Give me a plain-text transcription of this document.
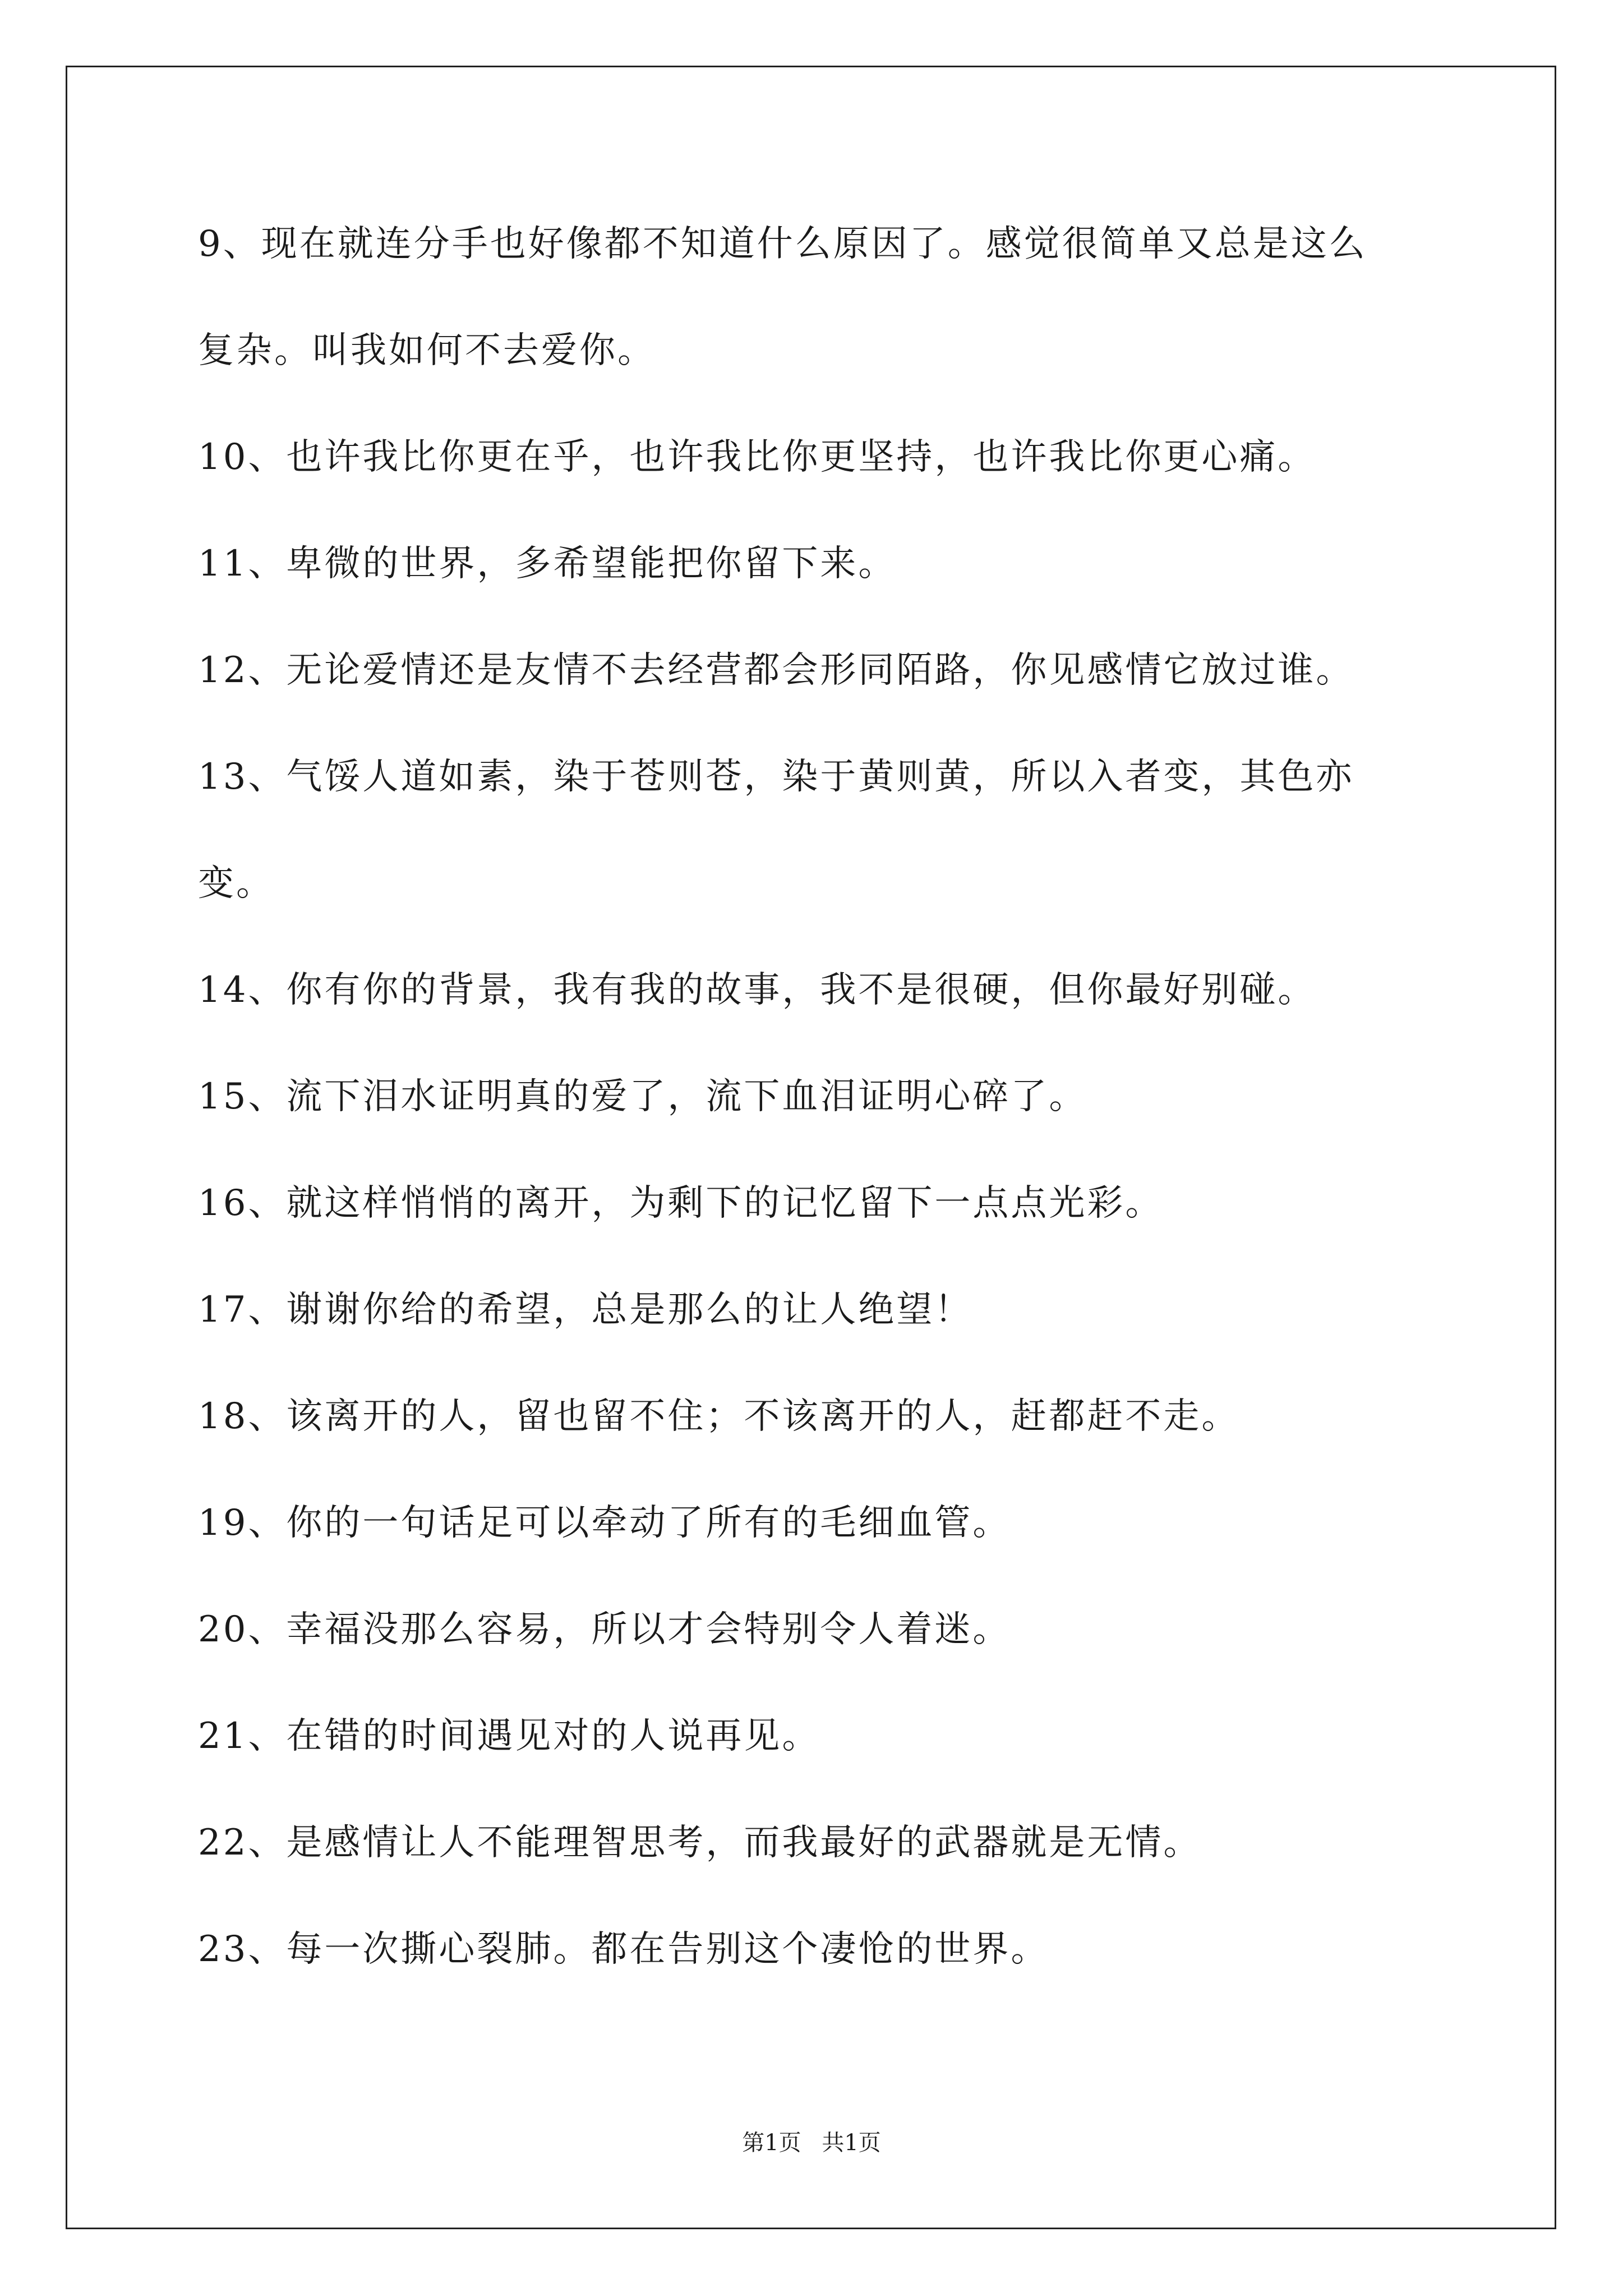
9、现在就连分手也好像都不知道什么原因了。感觉很简单又总是这么
复杂。叫我如何不去爱你。
10、也许我比你更在乎，也许我比你更坚持，也许我比你更心痛。
11、卑微的世界，多希望能把你留下来。
12、无论爱情还是友情不去经营都会形同陌路，你见感情它放过谁。
13、气馁人道如素，染于苍则苍，染于黄则黄，所以入者变，其色亦
变。
14、你有你的背景，我有我的故事，我不是很硬，但你最好别碰。
15、流下泪水证明真的爱了，流下血泪证明心碎了。
16、就这样悄悄的离开，为剩下的记忆留下一点点光彩。
17、谢谢你给的希望，总是那么的让人绝望！
18、该离开的人，留也留不住；不该离开的人，赶都赶不走。
19、你的一句话足可以牵动了所有的毛细血管。
20、幸福没那么容易，所以才会特别令人着迷。
21、在错的时间遇见对的人说再见。
22、是感情让人不能理智思考，而我最好的武器就是无情。
23、每一次撕心裂肺。都在告别这个凄怆的世界。
第1页 共1页
